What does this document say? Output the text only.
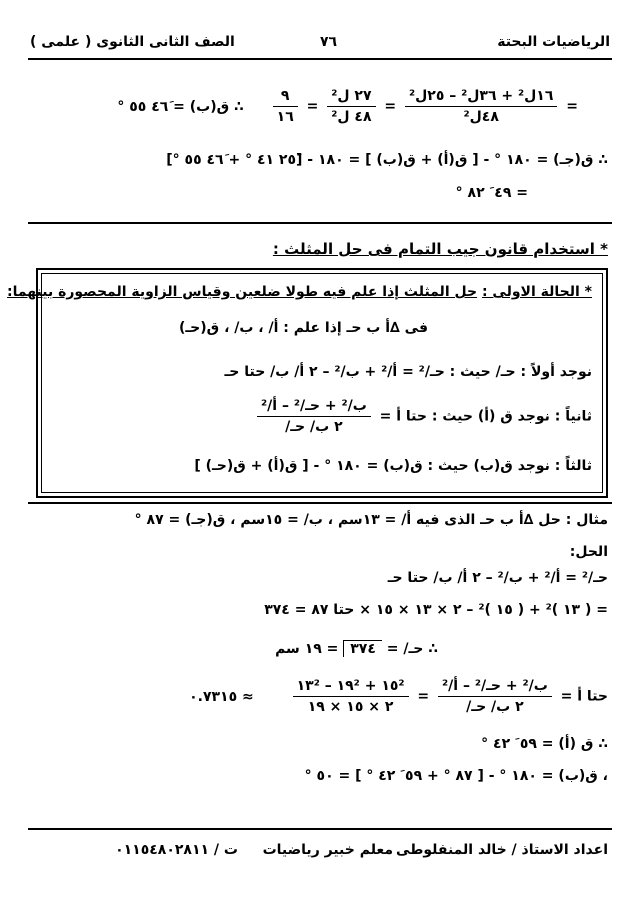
الرياضيات البحتة
٧٦
الصف الثانى الثانوى ( علمى )
=
$\frac{\text{١٦ل² + ٣٦ل² – ٢٥ل²}}{\text{٤٨ل²}}$
=
$\frac{\text{٢٧ ل²}}{\text{٤٨ ل²}}$
=
$\frac{٩}{١٦}$
∴ ق(ب) = ٤٦َ ٥٥ °
∴ ق(جـ) = ١٨٠ ° - [ ق(أ) + ق(ب) ] = ١٨٠ - [٢٥َ ٤١ ° + ٤٦َ ٥٥ °]
= ٤٩ َ ٨٢ °
* استخدام قانون جيب التمام فى حل المثلث :
* الحالة الاولى : حل المثلث إذا علم فيه طولا ضلعين وقياس الزاوية المحصورة بينهما:
فى ∆أ ب حـ إذا علم : أ/ ، ب/ ، ق(حـ)
نوجد أولاً : حـ/ حيث : حـ/² = أ/² + ب/² – ٢ أ/ ب/ حتا حـ
ثانياً : نوجد ق (أ) حيث : حتا أ =
$\frac{\text{ب/² + حـ/² – أ/²}}{\text{٢ ب/ حـ/}}$
ثالثاً : نوجد ق(ب) حيث : ق(ب) = ١٨٠ ° - [ ق(أ) + ق(حـ) ]
مثال : حل ∆أ ب حـ الذى فيه أ/ = ١٣سم ، ب/ = ١٥سم ، ق(جـ) = ٨٧ °
الحل:
حـ/² = أ/² + ب/² – ٢ أ/ ب/ حتا حـ
= ( ١٣ )² + ( ١٥ )² – ٢ × ١٣ × ١٥ × حتا ٨٧ = ٣٧٤
∴ حـ/ = ٣٧٤ = ١٩ سم
حتا أ =
$\frac{\text{ب/² + حـ/² – أ/²}}{\text{٢ ب/ حـ/}}$
=
$\frac{\text{١٥² + ١٩² – ١٣²}}{٢ \times ١٥ \times ١٩}$
≈ ٠.٧٣١٥
∴ ق (أ) = ٥٩ َ ٤٢ °
، ق(ب) = ١٨٠ ° - [ ٨٧ ° + ٥٩ َ ٤٢ ° ] = ٥٠ °
اعداد الاستاذ / خالد المنفلوطى
معلم خبير رياضيات
ت / ٠١١٥٤٨٠٢٨١١
